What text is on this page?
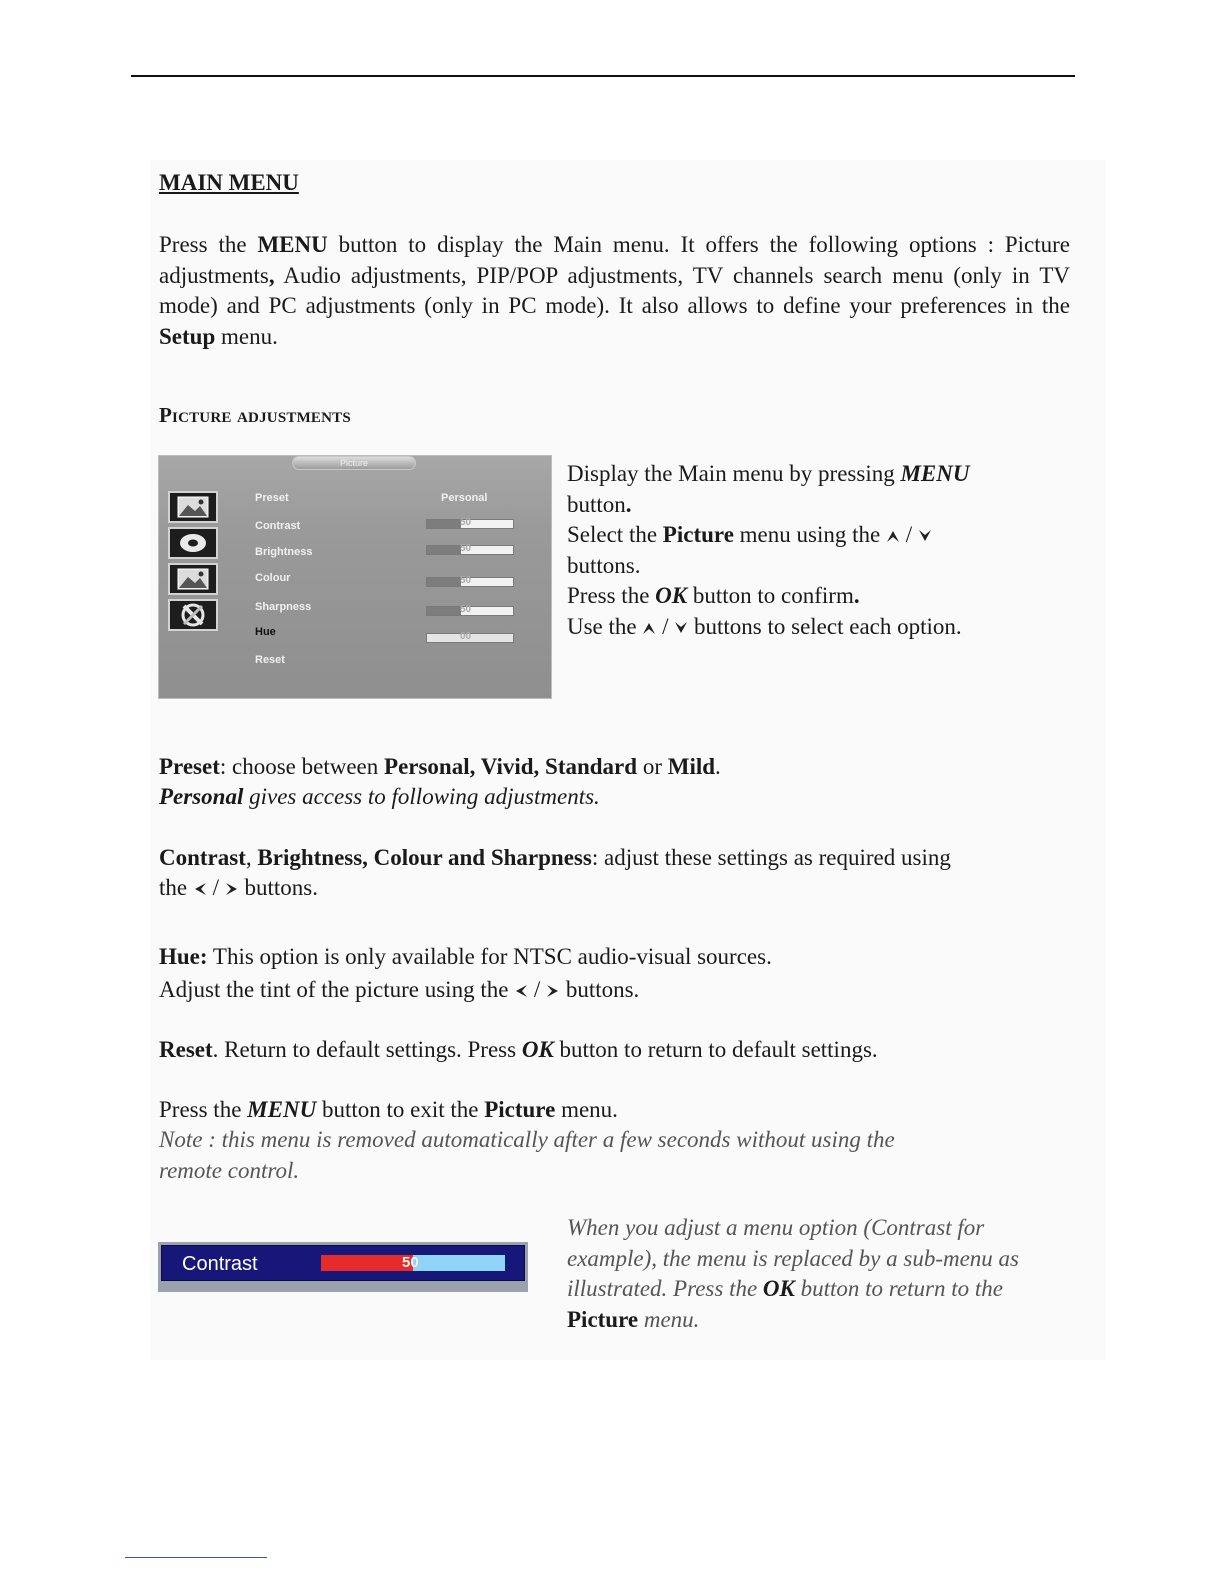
MAIN MENU
Press the MENU button to display the Main menu. It offers the following options : Picture adjustments, Audio adjustments, PIP/POP adjustments, TV channels search menu (only in TV mode) and PC adjustments (only in PC mode). It also allows to define your preferences in the Setup menu.
Picture adjustments
Picture
Preset	Personal
Contrast	50
Brightness	50
Colour	50
Sharpness	50
Hue	00
Reset
Display the Main menu by pressing MENU
button.
Select the Picture menu using the  /
buttons.
Press the OK button to confirm.
Use the  /  buttons to select each option.
Preset: choose between Personal, Vivid, Standard or Mild.
Personal gives access to following adjustments.
Contrast, Brightness, Colour and Sharpness: adjust these settings as required using
the  /  buttons.
Hue: This option is only available for NTSC audio-visual sources.
Adjust the tint of the picture using the  /  buttons.
Reset. Return to default settings. Press OK button to return to default settings.
Press the MENU button to exit the Picture menu.
Note : this menu is removed automatically after a few seconds without using the
remote control.
Contrast	50
When you adjust a menu option (Contrast for
example), the menu is replaced by a sub-menu as
illustrated. Press the OK button to return to the
Picture menu.
